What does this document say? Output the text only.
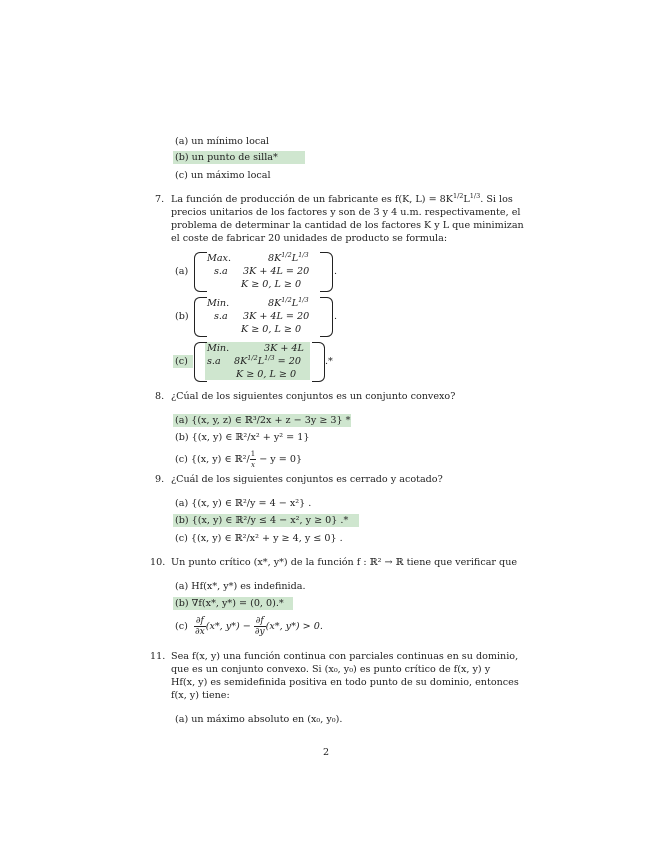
(a) un mínimo local
(b) un punto de silla*
(c) un máximo local
7. La función de producción de un fabricante es f(K, $L) = 8K^{1/2}L^{1/3}$. Si los
precios unitarios de los factores y son de 3 y 4 u.m. respectivamente, el
problema de determinar la cantidad de los factores K y L que minimizan
el coste de fabricar 20 unidades de producto se formula:
(a)
Max.	$8K^{1/2}L^{1/3}$
s.a 3K + 4L = 20
K ≥ 0, L ≥ 0
.
(b)
Min.	$8K^{1/2}L^{1/3}$
s.a 3K + 4L = 20
K ≥ 0, L ≥ 0
.
(c)
Min.	3K + 4L
s.a $8K^{1/2}L^{1/3} = 20$
K ≥ 0, L ≥ 0
.*
8. ¿Cúal de los siguientes conjuntos es un conjunto convexo?
(a) {(x, y, z) ∈ ℝ³/2x + z − 3y ≥ 3} *
(b) {(x, y) ∈ ℝ²/x² + y² = 1}
(c) {(x, y) ∈ ℝ²/ $\frac{1}{x} - y = 0$}
9. ¿Cuál de los siguientes conjuntos es cerrado y acotado?
(a) {(x, y) ∈ ℝ²/y = 4 − x²} .
(b) {(x, y) ∈ ℝ²/y ≤ 4 − x², y ≥ 0} .*
(c) {(x, y) ∈ ℝ²/x² + y ≥ 4, y ≤ 0} .
10. Un punto crítico (x*, y*) de la función f : ℝ² → ℝ tiene que verificar que
(a) Hf(x*, y*) es indefinida.
(b) ∇f(x*, y*) = (0, 0).*
$(c) \frac{\partial f}{\partial x} (x*$, $y*) - \frac{\partial f}{\partial y} (x*$, y*) > 0.
11. Sea f(x, y) una función continua con parciales continuas en su dominio,
que es un conjunto convexo. Si (x₀, y₀) es punto crítico de f(x, y) y
Hf(x, y) es semidefinida positiva en todo punto de su dominio, entonces
f(x, y) tiene:
(a) un máximo absoluto en (x₀, y₀).
2
